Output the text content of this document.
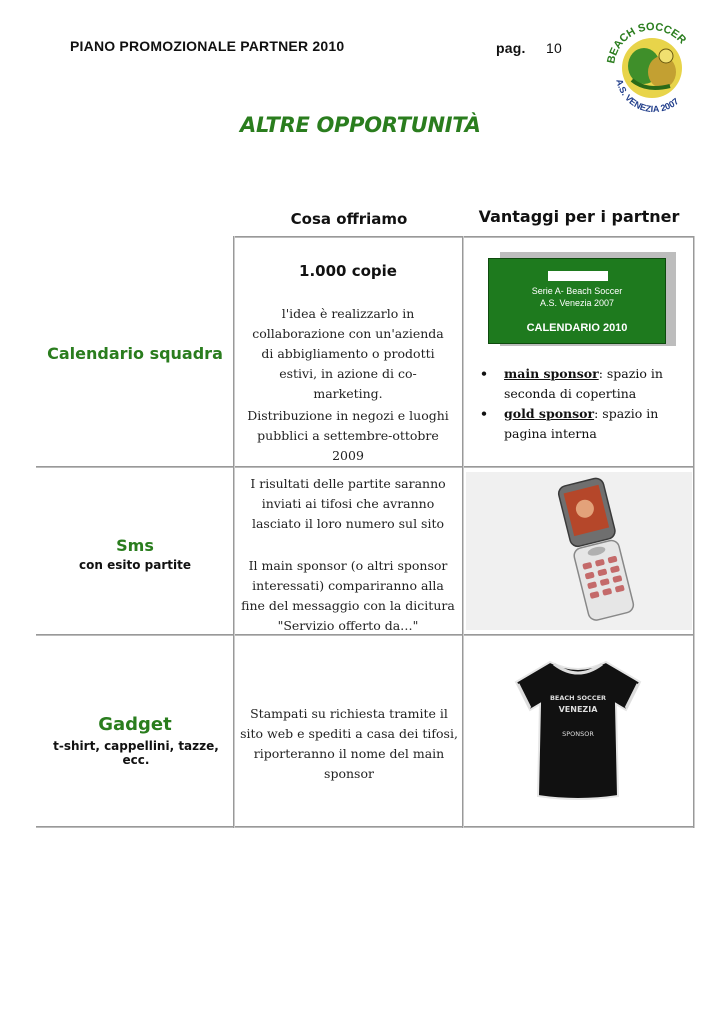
PIANO PROMOZIONALE PARTNER 2010	pag. 10
BEACH SOCCER
A.S. VENEZIA 2007
ALTRE OPPORTUNITÀ
Cosa offriamo	Vantaggi per i partner
Calendario squadra
1.000 copie
l'idea è realizzarlo in collaborazione con un'azienda di abbigliamento o prodotti estivi, in azione di co-marketing.
Distribuzione in negozi e luoghi pubblici a settembre-ottobre 2009
Serie A- Beach Soccer
A.S. Venezia 2007
CALENDARIO 2010
• main sponsor: spazio in seconda di copertina
• gold sponsor: spazio in pagina interna
Sms
con esito partite
I risultati delle partite saranno inviati ai tifosi che avranno lasciato il loro numero sul sito
Il main sponsor (o altri sponsor interessati) compariranno alla fine del messaggio con la dicitura "Servizio offerto da…"
Gadget
t-shirt, cappellini, tazze, ecc.
Stampati su richiesta tramite il sito web e spediti a casa dei tifosi, riporteranno il nome del main sponsor
BEACH SOCCER
VENEZIA
SPONSOR
